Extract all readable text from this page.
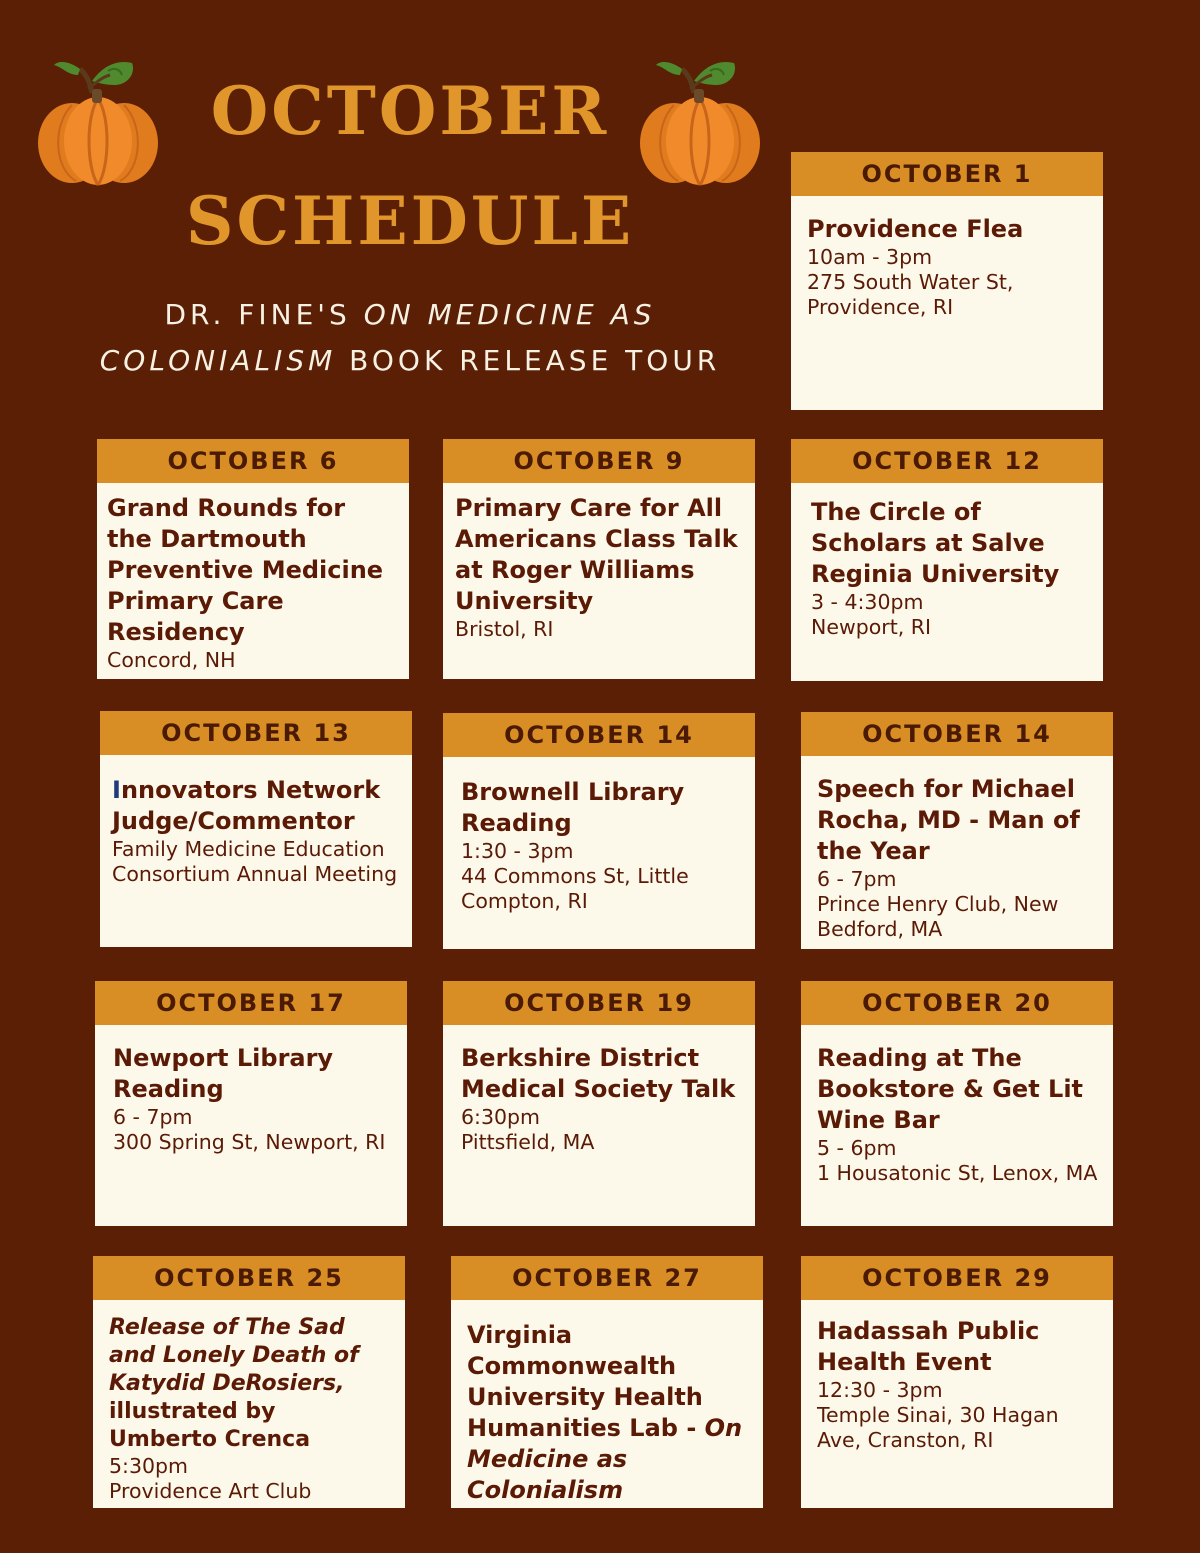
OCTOBER
SCHEDULE
DR. FINE'S ON MEDICINE AS
COLONIALISM BOOK RELEASE TOUR
OCTOBER 1
Providence Flea
10am - 3pm
275 South Water St, Providence, RI
OCTOBER 6
Grand Rounds for the Dartmouth Preventive Medicine Primary Care Residency
Concord, NH
OCTOBER 9
Primary Care for All Americans Class Talk at Roger Williams University
Bristol, RI
OCTOBER 12
The Circle of Scholars at Salve Reginia University
3 - 4:30pm
Newport, RI
OCTOBER 13
Innovators Network Judge/Commentor
Family Medicine Education Consortium Annual Meeting
OCTOBER 14
Brownell Library Reading
1:30 - 3pm
44 Commons St, Little Compton, RI
OCTOBER 14
Speech for Michael Rocha, MD - Man of the Year
6 - 7pm
Prince Henry Club, New Bedford, MA
OCTOBER 17
Newport Library Reading
6 - 7pm
300 Spring St, Newport, RI
OCTOBER 19
Berkshire District Medical Society Talk
6:30pm
Pittsfield, MA
OCTOBER 20
Reading at The Bookstore & Get Lit Wine Bar
5 - 6pm
1 Housatonic St, Lenox, MA
OCTOBER 25
Release of The Sad and Lonely Death of Katydid DeRosiers, illustrated by Umberto Crenca
5:30pm
Providence Art Club
OCTOBER 27
Virginia Commonwealth University Health Humanities Lab - On Medicine as Colonialism
OCTOBER 29
Hadassah Public Health Event
12:30 - 3pm
Temple Sinai, 30 Hagan Ave, Cranston, RI
